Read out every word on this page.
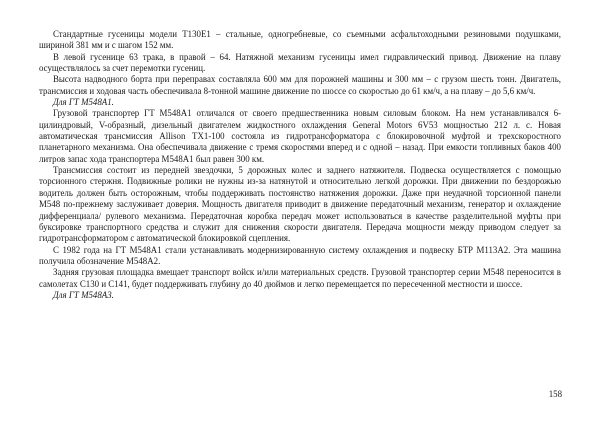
Стандартные гусеницы модели T130E1 – стальные, одногребневые, со съемными асфальтоходными резиновыми подушками, шириной 381 мм и с шагом 152 мм.

В левой гусенице 63 трака, в правой – 64. Натяжной механизм гусеницы имел гидравлический привод. Движение на плаву осуществлялось за счет перемотки гусениц.

Высота надводного борта при переправах составляла 600 мм для порожней машины и 300 мм – с грузом шесть тонн. Двигатель, трансмиссия и ходовая часть обеспечивала 8-тонной машине движение по шоссе со скоростью до 61 км/ч, а на плаву – до 5,6 км/ч.

Для ГТ М548А1.

Грузовой транспортер ГТ М548А1 отличался от своего предшественника новым силовым блоком. На нем устанавливался 6-цилиндровый, V-образный, дизельный двигателем жидкостного охлаждения General Motors 6V53 мощностью 212 л. с. Новая автоматическая трансмиссия Allison TX1-100 состояла из гидротрансформатора с блокировочной муфтой и трехскоростного планетарного механизма. Она обеспечивала движение с тремя скоростями вперед и с одной – назад. При емкости топливных баков 400 литров запас хода транспортера М548А1 был равен 300 км.

Трансмиссия состоит из передней звездочки, 5 дорожных колес и заднего натяжителя. Подвеска осуществляется с помощью торсионного стержня. Подвижные ролики не нужны из-за натянутой и относительно легкой дорожки. При движении по бездорожью водитель должен быть осторожным, чтобы поддерживать постоянство натяжения дорожки. Даже при неудачной торсионной панели М548 по-прежнему заслуживает доверия. Мощность двигателя приводит в движение передаточный механизм, генератор и охлаждение дифференциала/ рулевого механизма. Передаточная коробка передач может использоваться в качестве разделительной муфты при буксировке транспортного средства и служит для снижения скорости двигателя. Передача мощности между приводом следует за гидротрансформатором с автоматической блокировкой сцепления.

С 1982 года на ГТ М548А1 стали устанавливать модернизированную систему охлаждения и подвеску БТР М113А2. Эта машина получила обозначение М548А2.

Задняя грузовая площадка вмещает транспорт войск и/или материальных средств. Грузовой транспортер серии М548 переносится в самолетах С130 и С141, будет поддерживать глубину до 40 дюймов и легко перемещается по пересеченной местности и шоссе.

Для ГТ М548А3.

158
